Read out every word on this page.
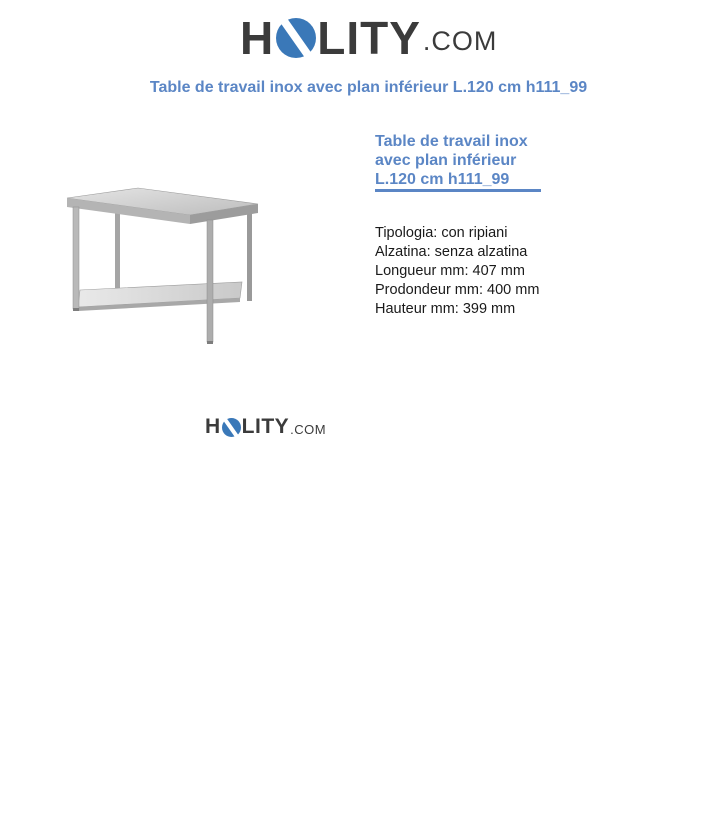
H LITY .COM
Table de travail inox avec plan inférieur L.120 cm h111_99
Table de travail inox avec plan inférieur L.120 cm h111_99
Tipologia: con ripiani
Alzatina: senza alzatina
Longueur mm: 407 mm
Prodondeur mm: 400 mm
Hauteur mm: 399 mm
H LITY .COM
